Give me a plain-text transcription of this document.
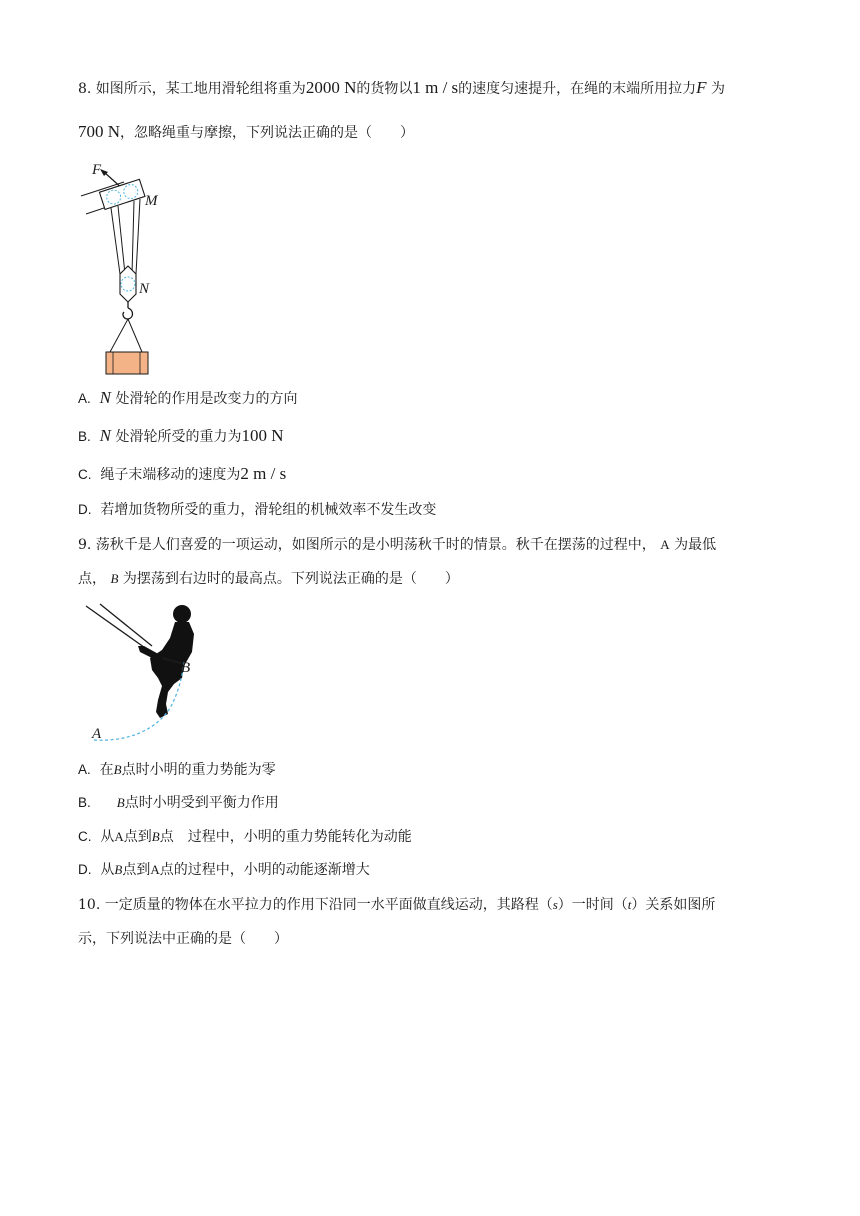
8. 如图所示，某工地用滑轮组将重为2000 N的货物以1 m / s的速度匀速提升，在绳的末端所用拉力F 为
700 N，忽略绳重与摩擦，下列说法正确的是（　　）
F
M
N
A. N 处滑轮的作用是改变力的方向
B. N 处滑轮所受的重力为100 N
C. 绳子末端移动的速度为2 m / s
D. 若增加货物所受的重力，滑轮组的机械效率不发生改变
9. 荡秋千是人们喜爱的一项运动，如图所示的是小明荡秋千时的情景。秋千在摆荡的过程中， A 为最低
点， B 为摆荡到右边时的最高点。下列说法正确的是（　　）
A
B
A. 在B点时小明的重力势能为零
B. B点时小明受到平衡力作用
C. 从A点到B点　过程中，小明的重力势能转化为动能
D. 从B点到A点的过程中，小明的动能逐渐增大
10. 一定质量的物体在水平拉力的作用下沿同一水平面做直线运动，其路程（s）一时间（t）关系如图所
示，下列说法中正确的是（　　）
